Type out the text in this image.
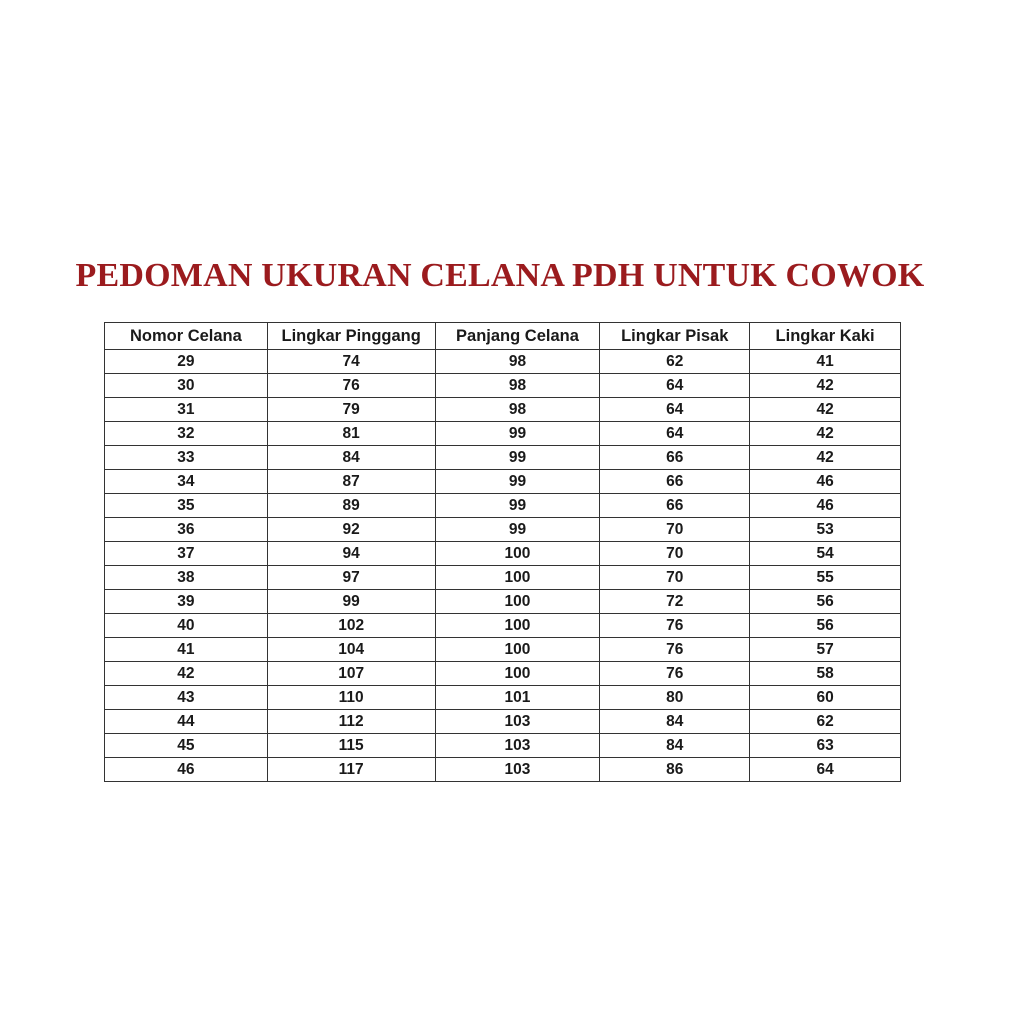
PEDOMAN UKURAN CELANA PDH UNTUK COWOK
Nomor Celana	Lingkar Pinggang	Panjang Celana	Lingkar Pisak	Lingkar Kaki
29	74	98	62	41
30	76	98	64	42
31	79	98	64	42
32	81	99	64	42
33	84	99	66	42
34	87	99	66	46
35	89	99	66	46
36	92	99	70	53
37	94	100	70	54
38	97	100	70	55
39	99	100	72	56
40	102	100	76	56
41	104	100	76	57
42	107	100	76	58
43	110	101	80	60
44	112	103	84	62
45	115	103	84	63
46	117	103	86	64
